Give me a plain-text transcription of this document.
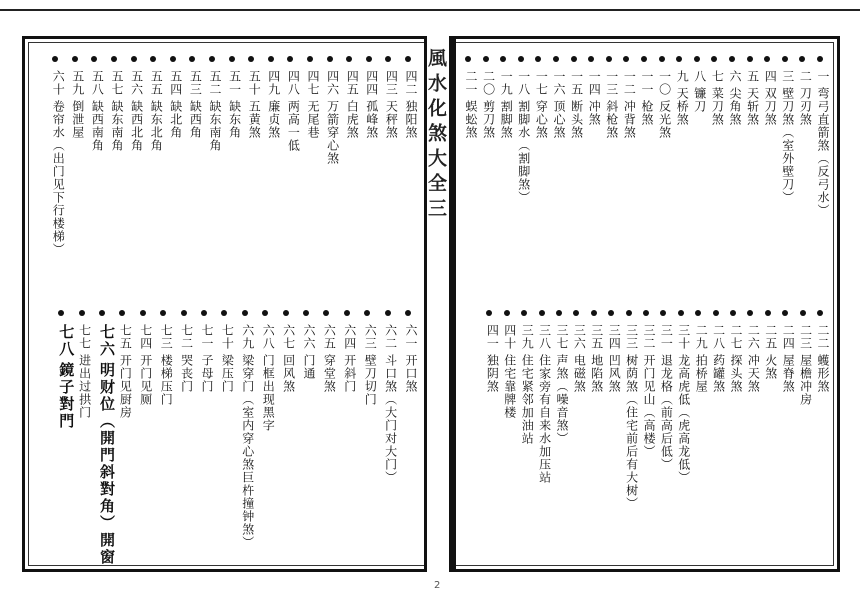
風水化煞大全三	一弯弓直箭煞（反弓水）
二刀刃煞
三壁刀煞（室外壁刀）
四双刀煞
五天斩煞
六尖角煞
七菜刀煞
八镰刀
九天桥煞
一〇反光煞
一一枪煞
一二冲背煞
一三斜枪煞
一四冲煞
一五断头煞
一六顶心煞
一七穿心煞
一八割脚水（割脚煞）
一九割脚煞
二〇剪刀煞
二一蜈蚣煞
二二蠖形煞
二三屋檐冲房
二四屋脊煞
二五火煞
二六冲天煞
二七探头煞
二八药罐煞
二九拍桥屋
三十龙高虎低（虎高龙低）
三一退龙格（前高后低）
三二开门见山（高楼）
三三树荫煞（住宅前后有大树）
三四凹风煞
三五地陷煞
三六电磁煞
三七声煞（噪音煞）
三八住家旁有自来水加压站
三九住宅紧邻加油站
四十住宅靠牌楼
四一独阴煞
四二独阳煞
四三天秤煞
四四孤峰煞
四五白虎煞
四六万箭穿心煞
四七无尾巷
四八两高一低
四九廉贞煞
五十五黄煞
五一缺东角
五二缺东南角
五三缺西角
五四缺北角
五五缺东北角
五六缺西北角
五七缺东南角
五八缺西南角
五九倒泄屋
六十卷帘水（出门见下行楼梯）
六一开口煞
六二斗口煞（大门对大门）
六三壁刀切门
六四开斜门
六五穿堂煞
六六门通
六七回风煞
六八门框出现黑字
六九梁穿门（室内穿心煞巨杵撞钟煞）
七十梁压门
七一子母门
七二哭丧门
七三楼梯压门
七四开门见厕
七五开门见厨房
七六明财位（開門斜對角）開窗
七七进出过拱门
七八鏡子對門
2
